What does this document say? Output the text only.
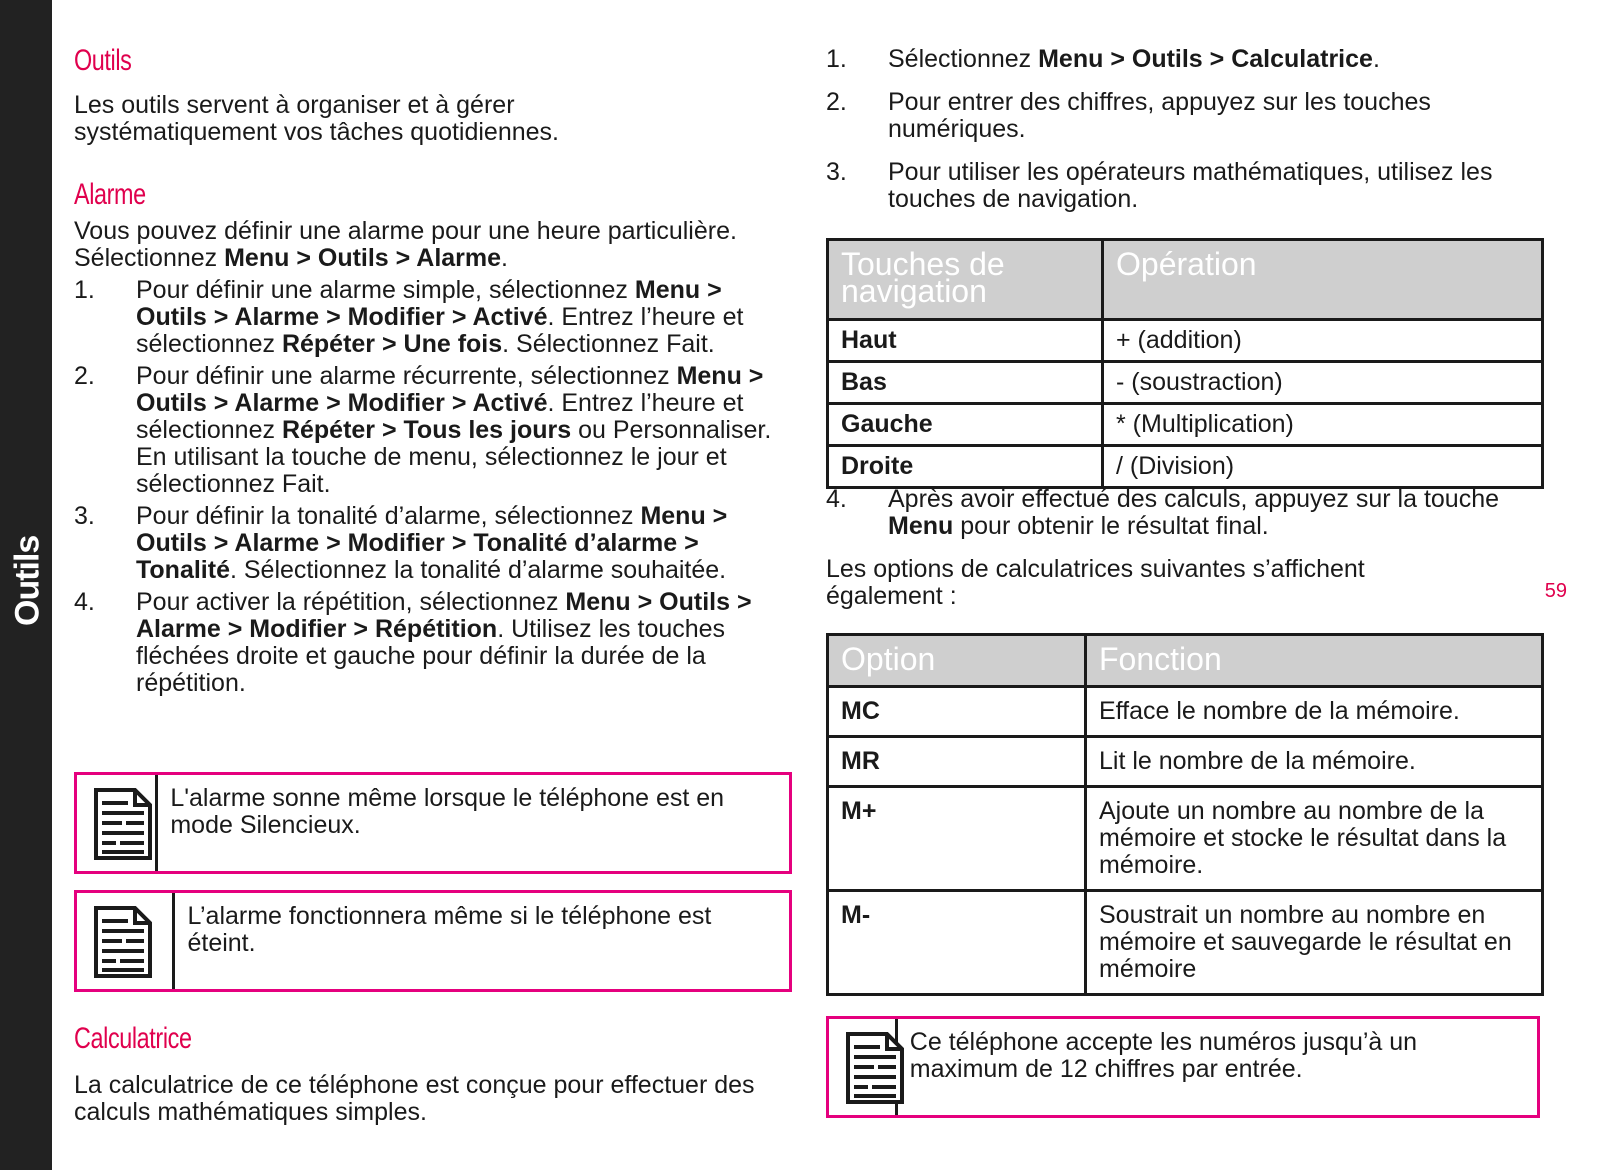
Outils	59
Outils
Les outils servent à organiser et à gérer systématiquement vos tâches quotidiennes.
Alarme
Vous pouvez définir une alarme pour une heure particulière. Sélectionnez Menu > Outils > Alarme.
1. Pour définir une alarme simple, sélectionnez Menu > Outils > Alarme > Modifier > Activé. Entrez l’heure et sélectionnez Répéter > Une fois. Sélectionnez Fait.
2. Pour définir une alarme récurrente, sélectionnez Menu > Outils > Alarme > Modifier > Activé. Entrez l’heure et sélectionnez Répéter > Tous les jours ou Personnaliser. En utilisant la touche de menu, sélectionnez le jour et sélectionnez Fait.
3. Pour définir la tonalité d’alarme, sélectionnez Menu > Outils > Alarme > Modifier > Tonalité d’alarme > Tonalité. Sélectionnez la tonalité d’alarme souhaitée.
4. Pour activer la répétition, sélectionnez Menu > Outils > Alarme > Modifier > Répétition. Utilisez les touches fléchées droite et gauche pour définir la durée de la répétition.
L'alarme sonne même lorsque le téléphone est en mode Silencieux.
L’alarme fonctionnera même si le téléphone est éteint.
Calculatrice
La calculatrice de ce téléphone est conçue pour effectuer des calculs mathématiques simples.
1. Sélectionnez Menu > Outils > Calculatrice.
2. Pour entrer des chiffres, appuyez sur les touches numériques.
3. Pour utiliser les opérateurs mathématiques, utilisez les touches de navigation.
Touches de navigation	Opération
Haut	+ (addition)
Bas	- (soustraction)
Gauche	* (Multiplication)
Droite	/ (Division)
4. Après avoir effectué des calculs, appuyez sur la touche Menu pour obtenir le résultat final.
Les options de calculatrices suivantes s’affichent également :
Option	Fonction
MC	Efface le nombre de la mémoire.
MR	Lit le nombre de la mémoire.
M+	Ajoute un nombre au nombre de la mémoire et stocke le résultat dans la mémoire.
M-	Soustrait un nombre au nombre en mémoire et sauvegarde le résultat en mémoire
Ce téléphone accepte les numéros jusqu’à un maximum de 12 chiffres par entrée.
